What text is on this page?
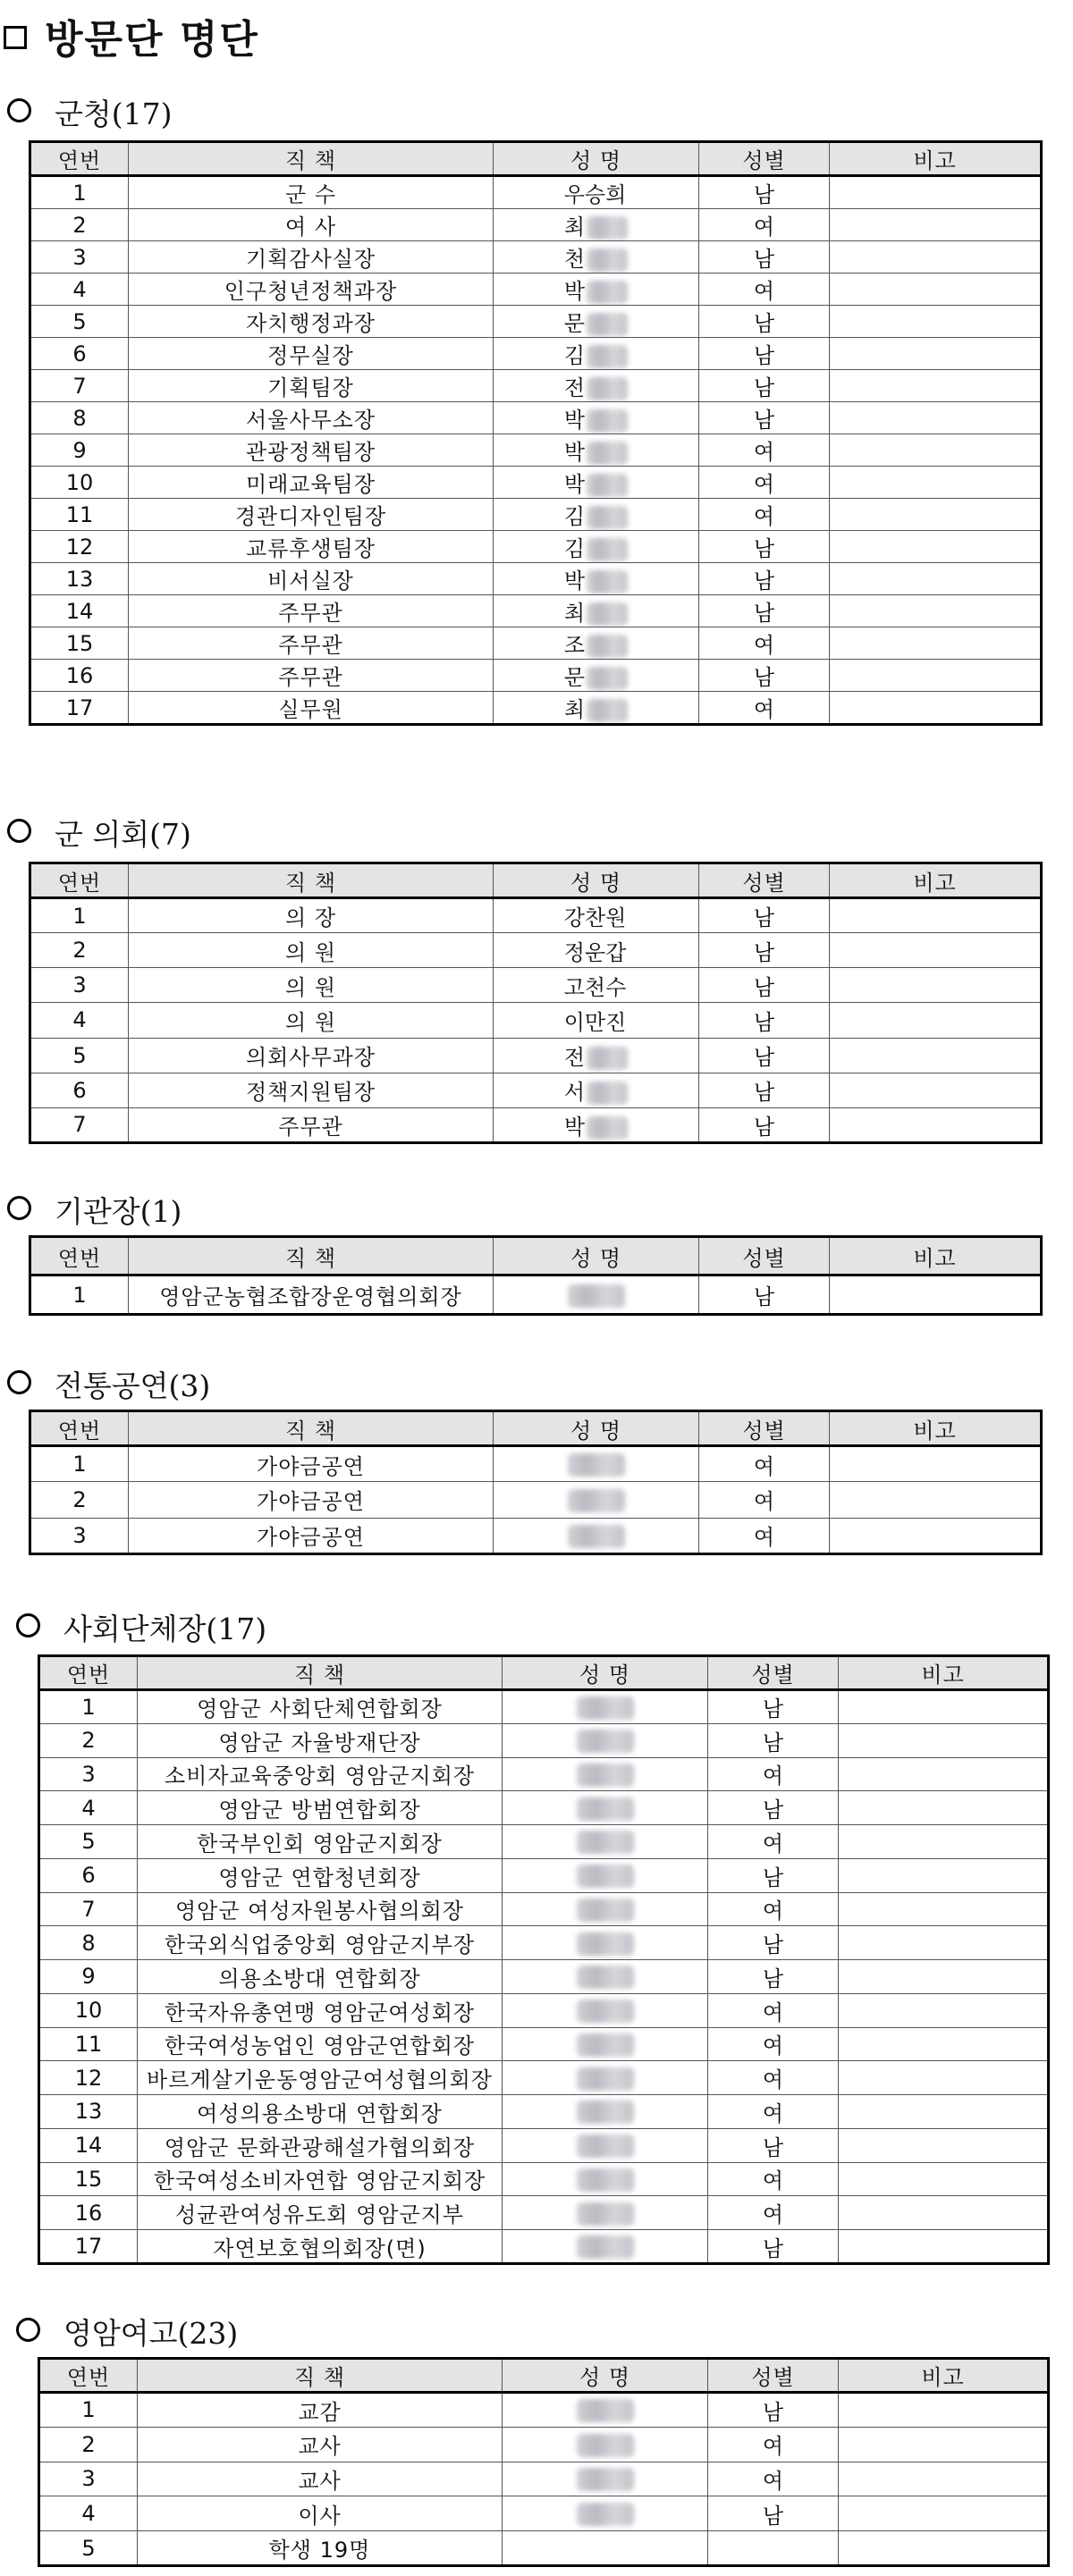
방문단 명단
군청(17)
연번	직 책	성 명	성별	비고
1	군 수	우승희	남	
2	여 사	최	여	
3	기획감사실장	천	남	
4	인구청년정책과장	박	여	
5	자치행정과장	문	남	
6	정무실장	김	남	
7	기획팀장	전	남	
8	서울사무소장	박	남	
9	관광정책팀장	박	여	
10	미래교육팀장	박	여	
11	경관디자인팀장	김	여	
12	교류후생팀장	김	남	
13	비서실장	박	남	
14	주무관	최	남	
15	주무관	조	여	
16	주무관	문	남	
17	실무원	최	여	
군 의회(7)
연번	직 책	성 명	성별	비고
1	의 장	강찬원	남	
2	의 원	정운갑	남	
3	의 원	고천수	남	
4	의 원	이만진	남	
5	의회사무과장	전	남	
6	정책지원팀장	서	남	
7	주무관	박	남	
기관장(1)
연번	직 책	성 명	성별	비고
1	영암군농협조합장운영협의회장		남	
전통공연(3)
연번	직 책	성 명	성별	비고
1	가야금공연		여	
2	가야금공연		여	
3	가야금공연		여	
사회단체장(17)
연번	직 책	성 명	성별	비고
1	영암군 사회단체연합회장		남	
2	영암군 자율방재단장		남	
3	소비자교육중앙회 영암군지회장		여	
4	영암군 방범연합회장		남	
5	한국부인회 영암군지회장		여	
6	영암군 연합청년회장		남	
7	영암군 여성자원봉사협의회장		여	
8	한국외식업중앙회 영암군지부장		남	
9	의용소방대 연합회장		남	
10	한국자유총연맹 영암군여성회장		여	
11	한국여성농업인 영암군연합회장		여	
12	바르게살기운동영암군여성협의회장		여	
13	여성의용소방대 연합회장		여	
14	영암군 문화관광해설가협의회장		남	
15	한국여성소비자연합 영암군지회장		여	
16	성균관여성유도회 영암군지부		여	
17	자연보호협의회장(면)		남	
영암여고(23)
연번	직 책	성 명	성별	비고
1	교감		남	
2	교사		여	
3	교사		여	
4	이사		남	
5	학생 19명			
